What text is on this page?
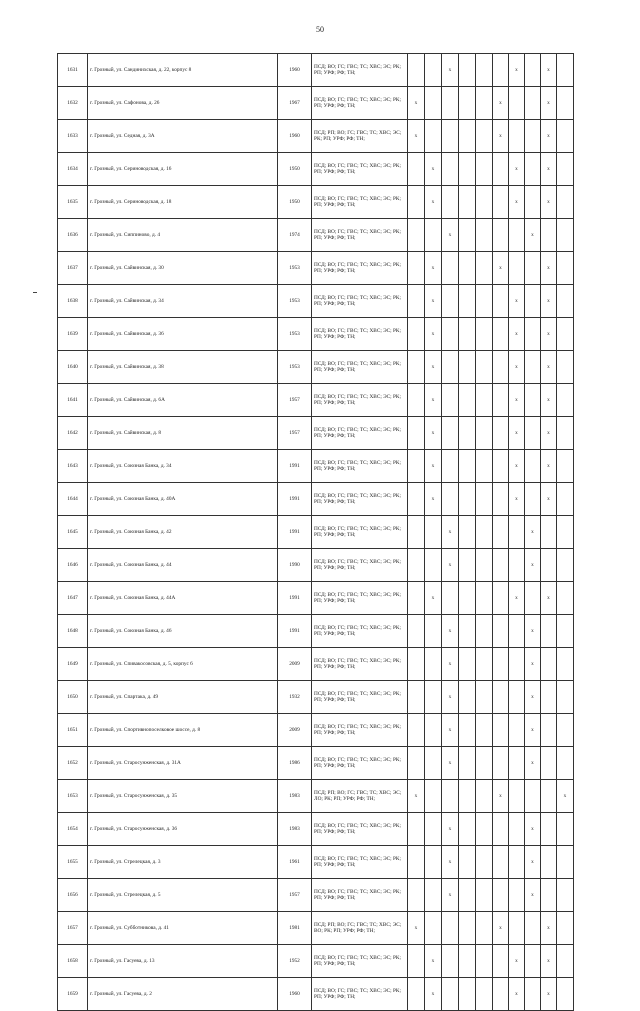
50
1631	г. Грозный, ул. Сандинихская, д. 22, корпус 8	1960	ПСД; ВО; ГС; ГВС; ТС; ХВС; ЭС; РК; РП; УРФ; РФ; ТН;			x				x		x	
1632	г. Грозный, ул. Сафонова, д. 26	1967	ПСД; ВО; ГС; ГВС; ТС; ХВС; ЭС; РК; РП; УРФ; РФ; ТН;	x					x			x	
1633	г. Грозный, ул. Седная, д. 3А	1960	ПСД; РП; ВО; ГС; ГВС; ТС; ХВС; ЭС; РК; РП; УРФ; РФ; ТН;	x					x			x	
1634	г. Грозный, ул. Сериноводская, д. 16	1950	ПСД; ВО; ГС; ГВС; ТС; ХВС; ЭС; РК; РП; УРФ; РФ; ТН;		x					x		x	
1635	г. Грозный, ул. Сериноводская, д. 18	1950	ПСД; ВО; ГС; ГВС; ТС; ХВС; ЭС; РК; РП; УРФ; РФ; ТН;		x					x		x	
1636	г. Грозный, ул. Сиппиново, д. 4	1974	ПСД; ВО; ГС; ГВС; ТС; ХВС; ЭС; РК; РП; УРФ; РФ; ТН;			x					x		
1637	г. Грозный, ул. Сайвинская, д. 30	1953	ПСД; ВО; ГС; ГВС; ТС; ХВС; ЭС; РК; РП; УРФ; РФ; ТН;		x				x			x	
1638	г. Грозный, ул. Сайвинская, д. 34	1953	ПСД; ВО; ГС; ГВС; ТС; ХВС; ЭС; РК; РП; УРФ; РФ; ТН;		x					x		x	
1639	г. Грозный, ул. Сайвинская, д. 36	1953	ПСД; ВО; ГС; ГВС; ТС; ХВС; ЭС; РК; РП; УРФ; РФ; ТН;		x					x		x	
1640	г. Грозный, ул. Сайвинская, д. 38	1953	ПСД; ВО; ГС; ГВС; ТС; ХВС; ЭС; РК; РП; УРФ; РФ; ТН;		x					x		x	
1641	г. Грозный, ул. Сайвинская, д. 6А	1957	ПСД; ВО; ГС; ГВС; ТС; ХВС; ЭС; РК; РП; УРФ; РФ; ТН;		x					x		x	
1642	г. Грозный, ул. Сайвинская, д. 8	1957	ПСД; ВО; ГС; ГВС; ТС; ХВС; ЭС; РК; РП; УРФ; РФ; ТН;		x					x		x	
1643	г. Грозный, ул. Союзная Банка, д. 34	1991	ПСД; ВО; ГС; ГВС; ТС; ХВС; ЭС; РК; РП; УРФ; РФ; ТН;		x					x		x	
1644	г. Грозный, ул. Союзная Банка, д. 40А	1991	ПСД; ВО; ГС; ГВС; ТС; ХВС; ЭС; РК; РП; УРФ; РФ; ТН;		x					x		x	
1645	г. Грозный, ул. Союзная Банка, д. 42	1991	ПСД; ВО; ГС; ГВС; ТС; ХВС; ЭС; РК; РП; УРФ; РФ; ТН;			x					x		
1646	г. Грозный, ул. Союзная Банка, д. 44	1990	ПСД; ВО; ГС; ГВС; ТС; ХВС; ЭС; РК; РП; УРФ; РФ; ТН;			x					x		
1647	г. Грозный, ул. Союзная Банка, д. 44А	1991	ПСД; ВО; ГС; ГВС; ТС; ХВС; ЭС; РК; РП; УРФ; РФ; ТН;		x					x		x	
1648	г. Грозный, ул. Союзная Банка, д. 46	1991	ПСД; ВО; ГС; ГВС; ТС; ХВС; ЭС; РК; РП; УРФ; РФ; ТН;			x					x		
1649	г. Грозный, ул. Спивакосовская, д. 5, корпус 6	2009	ПСД; ВО; ГС; ГВС; ТС; ХВС; ЭС; РК; РП; УРФ; РФ; ТН;			x					x		
1650	г. Грозный, ул. Спартака, д. 49	1932	ПСД; ВО; ГС; ГВС; ТС; ХВС; ЭС; РК; РП; УРФ; РФ; ТН;			x					x		
1651	г. Грозный, ул. Спортивнопоселковое шоссе, д. 8	2009	ПСД; ВО; ГС; ГВС; ТС; ХВС; ЭС; РК; РП; УРФ; РФ; ТН;			x					x		
1652	г. Грозный, ул. Старосунженская, д. 31А	1986	ПСД; ВО; ГС; ГВС; ТС; ХВС; ЭС; РК; РП; УРФ; РФ; ТН;			x					x		
1653	г. Грозный, ул. Старосунженская, д. 35	1983	ПСД; РП; ВО; ГС; ГВС; ТС; ХВС; ЭС; ЛО; РК; РП; УРФ; РФ; ТН;	x					x				x
1654	г. Грозный, ул. Старосунженская, д. 36	1983	ПСД; ВО; ГС; ГВС; ТС; ХВС; ЭС; РК; РП; УРФ; РФ; ТН;			x					x		
1655	г. Грозный, ул. Стрелецкая, д. 3	1961	ПСД; ВО; ГС; ГВС; ТС; ХВС; ЭС; РК; РП; УРФ; РФ; ТН;			x					x		
1656	г. Грозный, ул. Стрелецкая, д. 5	1957	ПСД; ВО; ГС; ГВС; ТС; ХВС; ЭС; РК; РП; УРФ; РФ; ТН;			x					x		
1657	г. Грозный, ул. Субботникова, д. 41	1981	ПСД; РП; ВО; ГС; ГВС; ТС; ХВС; ЭС; ВО; РК; РП; УРФ; РФ; ТН;	x					x			x	
1658	г. Грозный, ул. Гасуева, д. 13	1952	ПСД; ВО; ГС; ГВС; ТС; ХВС; ЭС; РК; РП; УРФ; РФ; ТН;		x					x		x	
1659	г. Грозный, ул. Гасуева, д. 2	1960	ПСД; ВО; ГС; ГВС; ТС; ХВС; ЭС; РК; РП; УРФ; РФ; ТН;		x					x		x	
